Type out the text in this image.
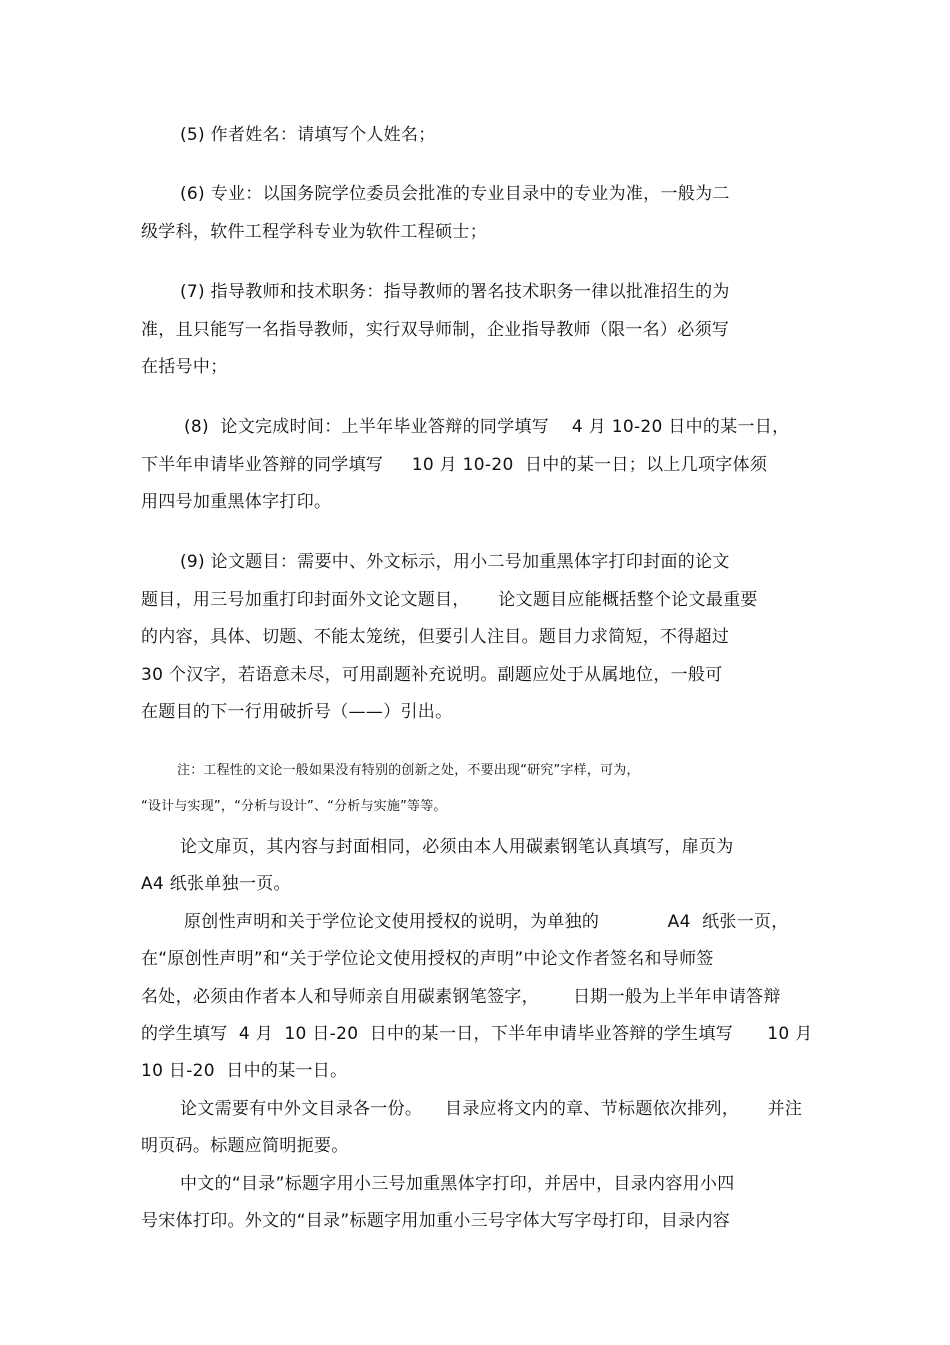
(5) 作者姓名：请填写个人姓名；
(6) 专业：以国务院学位委员会批准的专业目录中的专业为准，一般为二
级学科，软件工程学科专业为软件工程硕士；
(7) 指导教师和技术职务：指导教师的署名技术职务一律以批准招生的为
准，且只能写一名指导教师，实行双导师制，企业指导教师（限一名）必须写
在括号中；
(8)  论文完成时间：上半年毕业答辩的同学填写    4 月 10-20 日中的某一日，
下半年申请毕业答辩的同学填写     10 月 10-20  日中的某一日；以上几项字体须
用四号加重黑体字打印。
(9) 论文题目：需要中、外文标示，用小二号加重黑体字打印封面的论文
题目，用三号加重打印封面外文论文题目，     论文题目应能概括整个论文最重要
的内容，具体、切题、不能太笼统，但要引人注目。题目力求简短，不得超过
30 个汉字，若语意未尽，可用副题补充说明。副题应处于从属地位，一般可
在题目的下一行用破折号（——）引出。
注：工程性的文论一般如果没有特别的创新之处，不要出现“研究”字样，可为，
“设计与实现”，“分析与设计”、“分析与实施”等等。
论文扉页，其内容与封面相同，必须由本人用碳素钢笔认真填写，扉页为
A4 纸张单独一页。
原创性声明和关于学位论文使用授权的说明，为单独的            A4  纸张一页，
在“原创性声明”和“关于学位论文使用授权的声明”中论文作者签名和导师签
名处，必须由作者本人和导师亲自用碳素钢笔签字，      日期一般为上半年申请答辩
的学生填写  4 月  10 日-20  日中的某一日，下半年申请毕业答辩的学生填写      10 月
10 日-20  日中的某一日。
论文需要有中外文目录各一份。    目录应将文内的章、节标题依次排列，     并注
明页码。标题应简明扼要。
中文的“目录”标题字用小三号加重黑体字打印，并居中，目录内容用小四
号宋体打印。外文的“目录”标题字用加重小三号字体大写字母打印，目录内容
